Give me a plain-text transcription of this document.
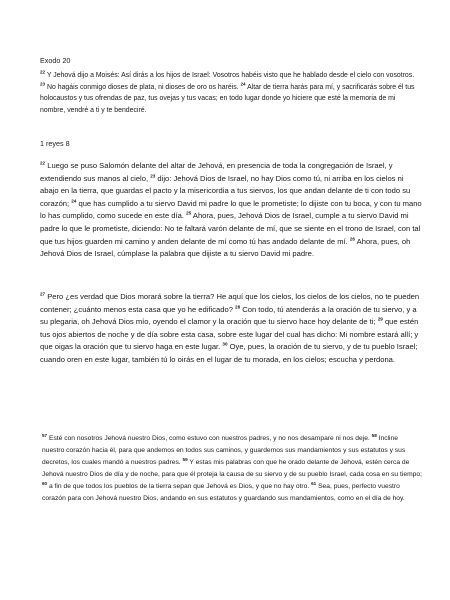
Exodo 20

$^{22}$ Y Jehová dijo a Moisés: Así dirás a los hijos de Israel: Vosotros habéis visto que he hablado desde el cielo con vosotros. $^{23}$ No hagáis conmigo dioses de plata, ni dioses de oro os haréis. $^{24}$ Altar de tierra harás para mí, y sacrificarás sobre él tus holocaustos y tus ofrendas de paz, tus ovejas y tus vacas; en todo lugar donde yo hiciere que esté la memoria de mi nombre, vendré a ti y te bendeciré.

1 reyes 8

$^{22}$ Luego se puso Salomón delante del altar de Jehová, en presencia de toda la congregación de Israel, y extendiendo sus manos al cielo, $^{23}$ dijo: Jehová Dios de Israel, no hay Dios como tú, ni arriba en los cielos ni abajo en la tierra, que guardas el pacto y la misericordia a tus siervos, los que andan delante de ti con todo su corazón; $^{24}$ que has cumplido a tu siervo David mi padre lo que le prometiste; lo dijiste con tu boca, y con tu mano lo has cumplido, como sucede en este día. $^{25}$ Ahora, pues, Jehová Dios de Israel, cumple a tu siervo David mi padre lo que le prometiste, diciendo: No te faltará varón delante de mí, que se siente en el trono de Israel, con tal que tus hijos guarden mi camino y anden delante de mí como tú has andado delante de mí. $^{26}$ Ahora, pues, oh Jehová Dios de Israel, cúmplase la palabra que dijiste a tu siervo David mi padre.

$^{27}$ Pero ¿es verdad que Dios morará sobre la tierra? He aquí que los cielos, los cielos de los cielos, no te pueden contener; ¿cuánto menos esta casa que yo he edificado? $^{28}$ Con todo, tú atenderás a la oración de tu siervo, y a su plegaria, oh Jehová Dios mío, oyendo el clamor y la oración que tu siervo hace hoy delante de ti; $^{29}$ que estén tus ojos abiertos de noche y de día sobre esta casa, sobre este lugar del cual has dicho: Mi nombre estará allí; y que oigas la oración que tu siervo haga en este lugar. $^{30}$ Oye, pues, la oración de tu siervo, y de tu pueblo Israel; cuando oren en este lugar, también tú lo oirás en el lugar de tu morada, en los cielos; escucha y perdona.

$^{57}$ Esté con nosotros Jehová nuestro Dios, como estuvo con nuestros padres, y no nos desampare ni nos deje. $^{58}$ Incline nuestro corazón hacia él, para que andemos en todos sus caminos, y guardemos sus mandamientos y sus estatutos y sus decretos, los cuales mandó a nuestros padres. $^{59}$ Y estas mis palabras con que he orado delante de Jehová, estén cerca de Jehová nuestro Dios de día y de noche, para que él proteja la causa de su siervo y de su pueblo Israel, cada cosa en su tiempo; $^{60}$ a fin de que todos los pueblos de la tierra sepan que Jehová es Dios, y que no hay otro. $^{61}$ Sea, pues, perfecto vuestro corazón para con Jehová nuestro Dios, andando en sus estatutos y guardando sus mandamientos, como en el día de hoy.
